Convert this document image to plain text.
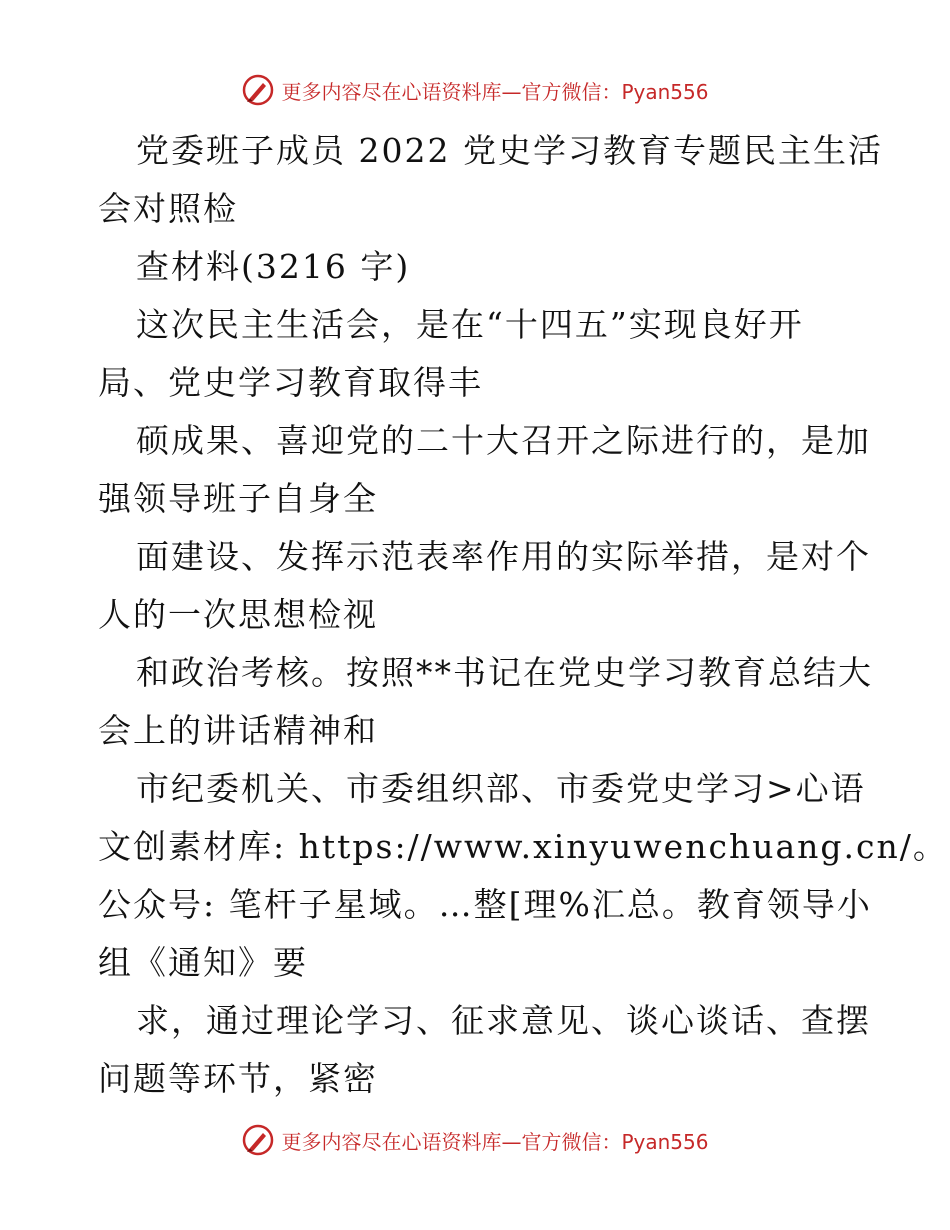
更多内容尽在心语资料库—官方微信：Pyan556

党委班子成员 2022 党史学习教育专题民主生活
会对照检

查材料(3216 字)

这次民主生活会，是在“十四五”实现良好开
局、党史学习教育取得丰

硕成果、喜迎党的二十大召开之际进行的，是加
强领导班子自身全

面建设、发挥示范表率作用的实际举措，是对个
人的一次思想检视

和政治考核。按照**书记在党史学习教育总结大
会上的讲话精神和

市纪委机关、市委组织部、市委党史学习>心语
文创素材库: https://www.xinyuwenchuang.cn/。
公众号: 笔杆子星域。…整[理%汇总。教育领导小
组《通知》要

求，通过理论学习、征求意见、谈心谈话、查摆
问题等环节，紧密

更多内容尽在心语资料库—官方微信：Pyan556
